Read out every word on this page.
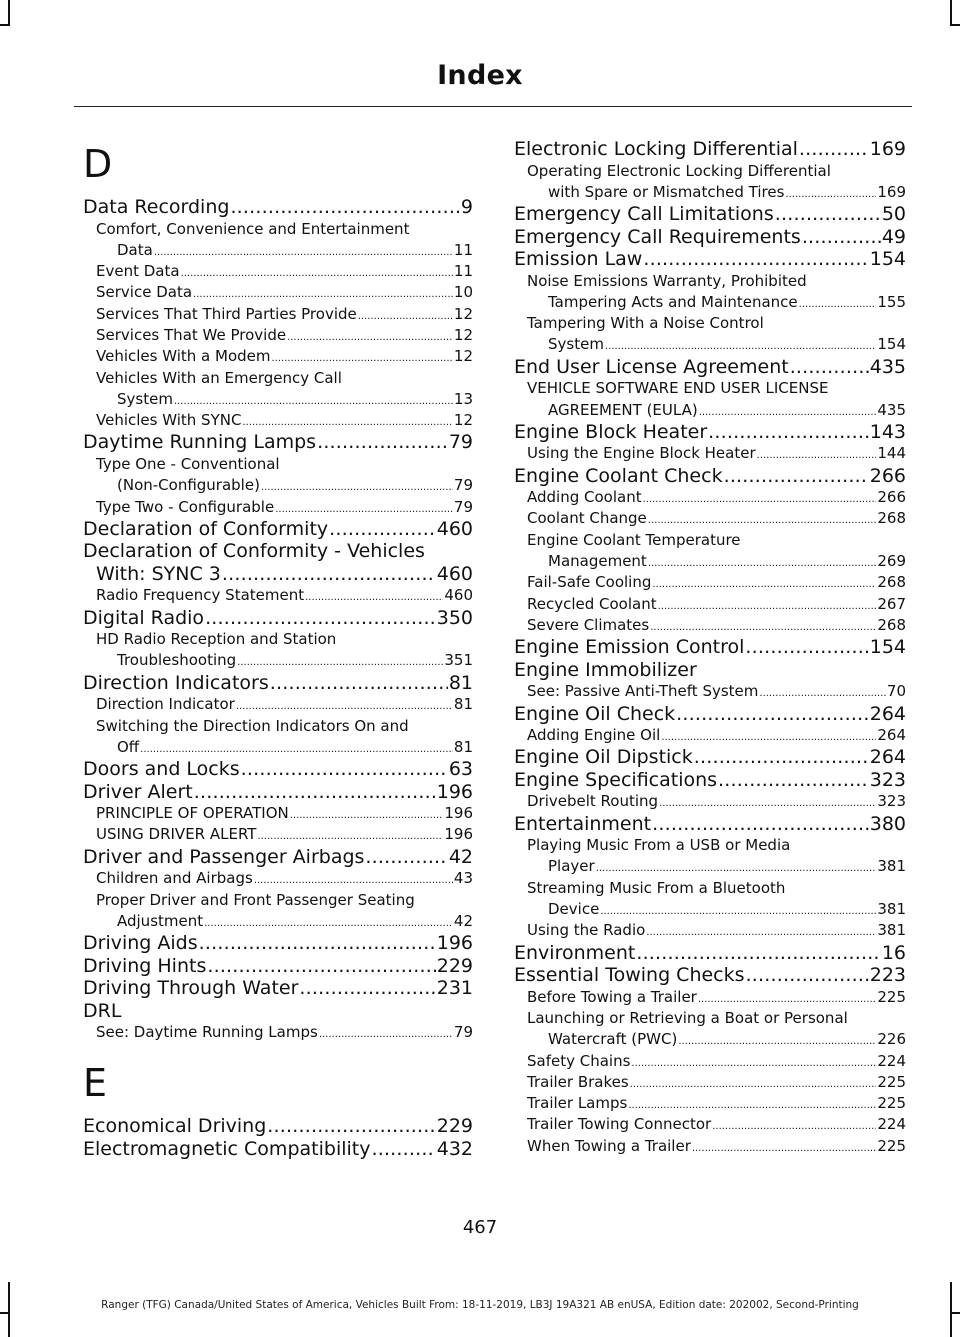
Index
D
Data Recording .....	9
Comfort, Convenience and Entertainment
Data .....	11
Event Data .....	11
Service Data .....	10
Services That Third Parties Provide .....	12
Services That We Provide .....	12
Vehicles With a Modem .....	12
Vehicles With an Emergency Call
System .....	13
Vehicles With SYNC .....	12
Daytime Running Lamps .....	79
Type One - Conventional
(Non-Configurable) .....	79
Type Two - Configurable .....	79
Declaration of Conformity .....	460
Declaration of Conformity - Vehicles
With: SYNC 3 .....	460
Radio Frequency Statement .....	460
Digital Radio .....	350
HD Radio Reception and Station
Troubleshooting .....	351
Direction Indicators .....	81
Direction Indicator .....	81
Switching the Direction Indicators On and
Off .....	81
Doors and Locks .....	63
Driver Alert .....	196
PRINCIPLE OF OPERATION .....	196
USING DRIVER ALERT .....	196
Driver and Passenger Airbags .....	42
Children and Airbags .....	43
Proper Driver and Front Passenger Seating
Adjustment .....	42
Driving Aids .....	196
Driving Hints .....	229
Driving Through Water .....	231
DRL
See: Daytime Running Lamps .....	79
E
Economical Driving .....	229
Electromagnetic Compatibility .....	432
Electronic Locking Differential .....	169
Operating Electronic Locking Differential
with Spare or Mismatched Tires .....	169
Emergency Call Limitations .....	50
Emergency Call Requirements .....	49
Emission Law .....	154
Noise Emissions Warranty, Prohibited
Tampering Acts and Maintenance .....	155
Tampering With a Noise Control
System .....	154
End User License Agreement .....	435
VEHICLE SOFTWARE END USER LICENSE
AGREEMENT (EULA) .....	435
Engine Block Heater .....	143
Using the Engine Block Heater .....	144
Engine Coolant Check .....	266
Adding Coolant .....	266
Coolant Change .....	268
Engine Coolant Temperature
Management .....	269
Fail-Safe Cooling .....	268
Recycled Coolant .....	267
Severe Climates .....	268
Engine Emission Control .....	154
Engine Immobilizer
See: Passive Anti-Theft System .....	70
Engine Oil Check .....	264
Adding Engine Oil .....	264
Engine Oil Dipstick .....	264
Engine Specifications .....	323
Drivebelt Routing .....	323
Entertainment .....	380
Playing Music From a USB or Media
Player .....	381
Streaming Music From a Bluetooth
Device .....	381
Using the Radio .....	381
Environment .....	16
Essential Towing Checks .....	223
Before Towing a Trailer .....	225
Launching or Retrieving a Boat or Personal
Watercraft (PWC) .....	226
Safety Chains .....	224
Trailer Brakes .....	225
Trailer Lamps .....	225
Trailer Towing Connector .....	224
When Towing a Trailer .....	225
467
Ranger (TFG) Canada/United States of America, Vehicles Built From: 18-11-2019, LB3J 19A321 AB enUSA, Edition date: 202002, Second-Printing
